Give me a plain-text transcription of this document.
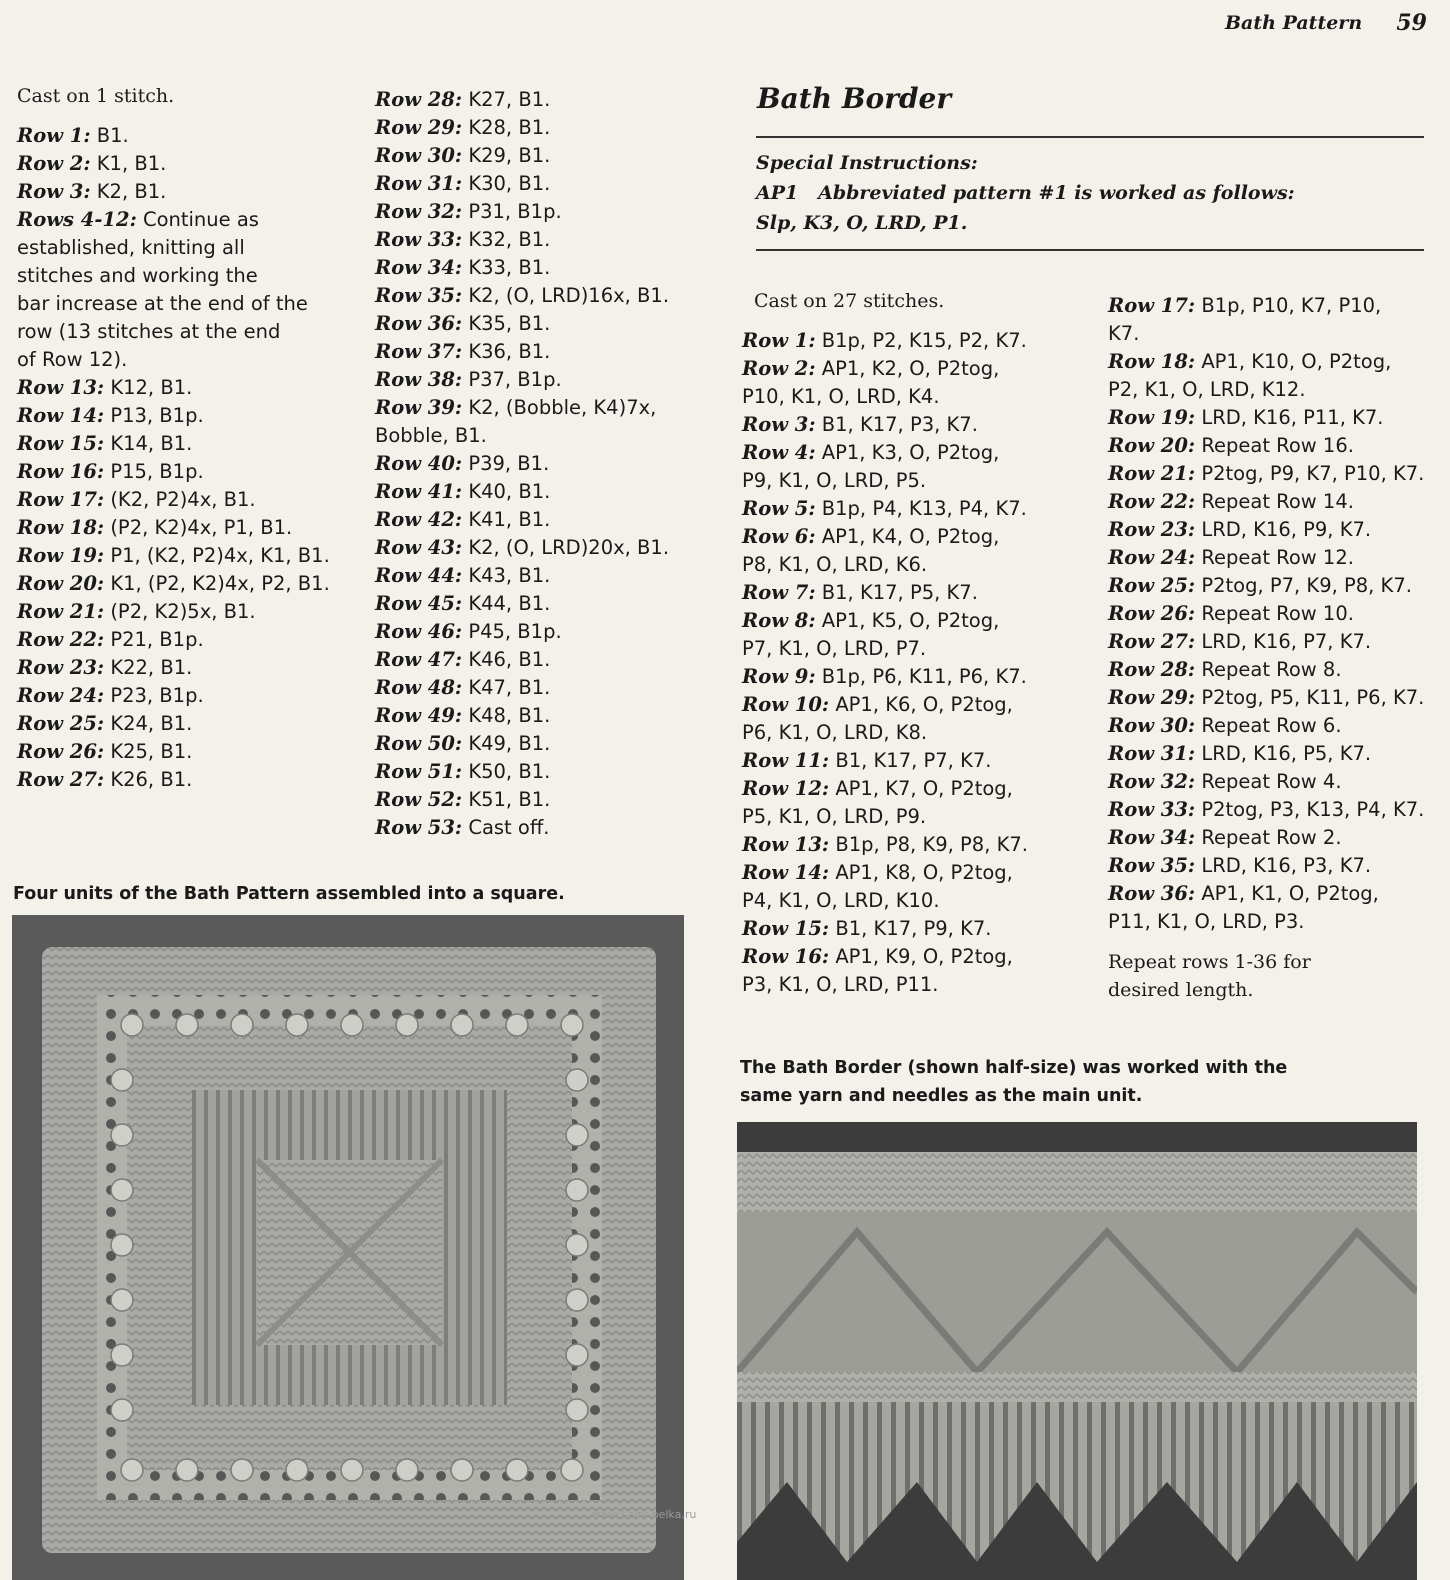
Bath Pattern 59
Cast on 1 stitch.
Row 1: B1.
Row 2: K1, B1.
Row 3: K2, B1.
Rows 4-12: Continue as
established, knitting all
stitches and working the
bar increase at the end of the
row (13 stitches at the end
of Row 12).
Row 13: K12, B1.
Row 14: P13, B1p.
Row 15: K14, B1.
Row 16: P15, B1p.
Row 17: (K2, P2)4x, B1.
Row 18: (P2, K2)4x, P1, B1.
Row 19: P1, (K2, P2)4x, K1, B1.
Row 20: K1, (P2, K2)4x, P2, B1.
Row 21: (P2, K2)5x, B1.
Row 22: P21, B1p.
Row 23: K22, B1.
Row 24: P23, B1p.
Row 25: K24, B1.
Row 26: K25, B1.
Row 27: K26, B1.
Row 28: K27, B1.
Row 29: K28, B1.
Row 30: K29, B1.
Row 31: K30, B1.
Row 32: P31, B1p.
Row 33: K32, B1.
Row 34: K33, B1.
Row 35: K2, (O, LRD)16x, B1.
Row 36: K35, B1.
Row 37: K36, B1.
Row 38: P37, B1p.
Row 39: K2, (Bobble, K4)7x,
Bobble, B1.
Row 40: P39, B1.
Row 41: K40, B1.
Row 42: K41, B1.
Row 43: K2, (O, LRD)20x, B1.
Row 44: K43, B1.
Row 45: K44, B1.
Row 46: P45, B1p.
Row 47: K46, B1.
Row 48: K47, B1.
Row 49: K48, B1.
Row 50: K49, B1.
Row 51: K50, B1.
Row 52: K51, B1.
Row 53: Cast off.
Bath Border
Special Instructions:
AP1 Abbreviated pattern #1 is worked as follows:
Slp, K3, O, LRD, P1.
Cast on 27 stitches.
Row 1: B1p, P2, K15, P2, K7.
Row 2: AP1, K2, O, P2tog,
P10, K1, O, LRD, K4.
Row 3: B1, K17, P3, K7.
Row 4: AP1, K3, O, P2tog,
P9, K1, O, LRD, P5.
Row 5: B1p, P4, K13, P4, K7.
Row 6: AP1, K4, O, P2tog,
P8, K1, O, LRD, K6.
Row 7: B1, K17, P5, K7.
Row 8: AP1, K5, O, P2tog,
P7, K1, O, LRD, P7.
Row 9: B1p, P6, K11, P6, K7.
Row 10: AP1, K6, O, P2tog,
P6, K1, O, LRD, K8.
Row 11: B1, K17, P7, K7.
Row 12: AP1, K7, O, P2tog,
P5, K1, O, LRD, P9.
Row 13: B1p, P8, K9, P8, K7.
Row 14: AP1, K8, O, P2tog,
P4, K1, O, LRD, K10.
Row 15: B1, K17, P9, K7.
Row 16: AP1, K9, O, P2tog,
P3, K1, O, LRD, P11.
Row 17: B1p, P10, K7, P10,
K7.
Row 18: AP1, K10, O, P2tog,
P2, K1, O, LRD, K12.
Row 19: LRD, K16, P11, K7.
Row 20: Repeat Row 16.
Row 21: P2tog, P9, K7, P10, K7.
Row 22: Repeat Row 14.
Row 23: LRD, K16, P9, K7.
Row 24: Repeat Row 12.
Row 25: P2tog, P7, K9, P8, K7.
Row 26: Repeat Row 10.
Row 27: LRD, K16, P7, K7.
Row 28: Repeat Row 8.
Row 29: P2tog, P5, K11, P6, K7.
Row 30: Repeat Row 6.
Row 31: LRD, K16, P5, K7.
Row 32: Repeat Row 4.
Row 33: P2tog, P3, K13, P4, K7.
Row 34: Repeat Row 2.
Row 35: LRD, K16, P3, K7.
Row 36: AP1, K1, O, P2tog,
P11, K1, O, LRD, P3.
Repeat rows 1-36 for
desired length.
Four units of the Bath Pattern assembled into a square.
The Bath Border (shown half-size) was worked with the
same yarn and needles as the main unit.
www.Lady-belka.ru
